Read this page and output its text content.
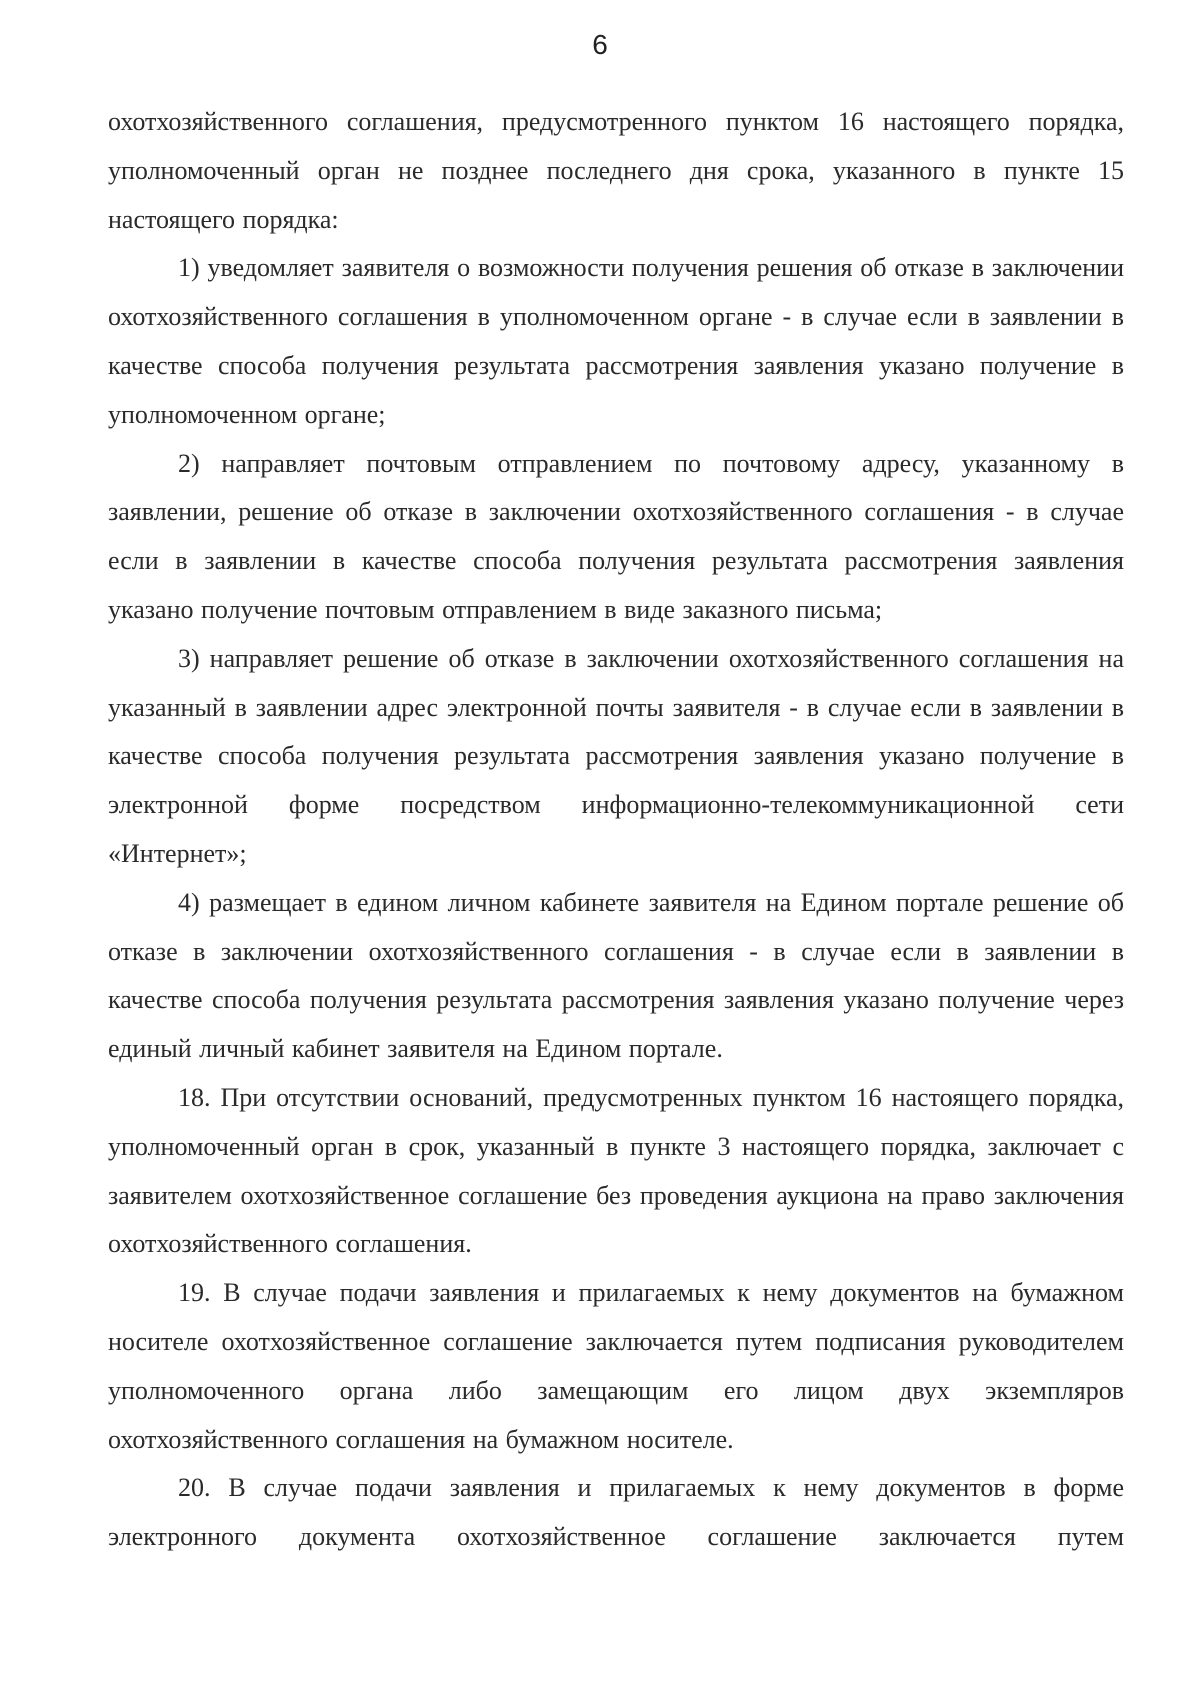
6

охотхозяйственного соглашения, предусмотренного пунктом 16 настоящего порядка, уполномоченный орган не позднее последнего дня срока, указанного в пункте 15 настоящего порядка:

1) уведомляет заявителя о возможности получения решения об отказе в заключении охотхозяйственного соглашения в уполномоченном органе - в случае если в заявлении в качестве способа получения результата рассмотрения заявления указано получение в уполномоченном органе;

2) направляет почтовым отправлением по почтовому адресу, указанному в заявлении, решение об отказе в заключении охотхозяйственного соглашения - в случае если в заявлении в качестве способа получения результата рассмотрения заявления указано получение почтовым отправлением в виде заказного письма;

3) направляет решение об отказе в заключении охотхозяйственного соглашения на указанный в заявлении адрес электронной почты заявителя - в случае если в заявлении в качестве способа получения результата рассмотрения заявления указано получение в электронной форме посредством информационно-телекоммуникационной сети «Интернет»;

4) размещает в едином личном кабинете заявителя на Едином портале решение об отказе в заключении охотхозяйственного соглашения - в случае если в заявлении в качестве способа получения результата рассмотрения заявления указано получение через единый личный кабинет заявителя на Едином портале.

18. При отсутствии оснований, предусмотренных пунктом 16 настоящего порядка, уполномоченный орган в срок, указанный в пункте 3 настоящего порядка, заключает с заявителем охотхозяйственное соглашение без проведения аукциона на право заключения охотхозяйственного соглашения.

19. В случае подачи заявления и прилагаемых к нему документов на бумажном носителе охотхозяйственное соглашение заключается путем подписания руководителем уполномоченного органа либо замещающим его лицом двух экземпляров охотхозяйственного соглашения на бумажном носителе.

20. В случае подачи заявления и прилагаемых к нему документов в форме электронного документа охотхозяйственное соглашение заключается путем
